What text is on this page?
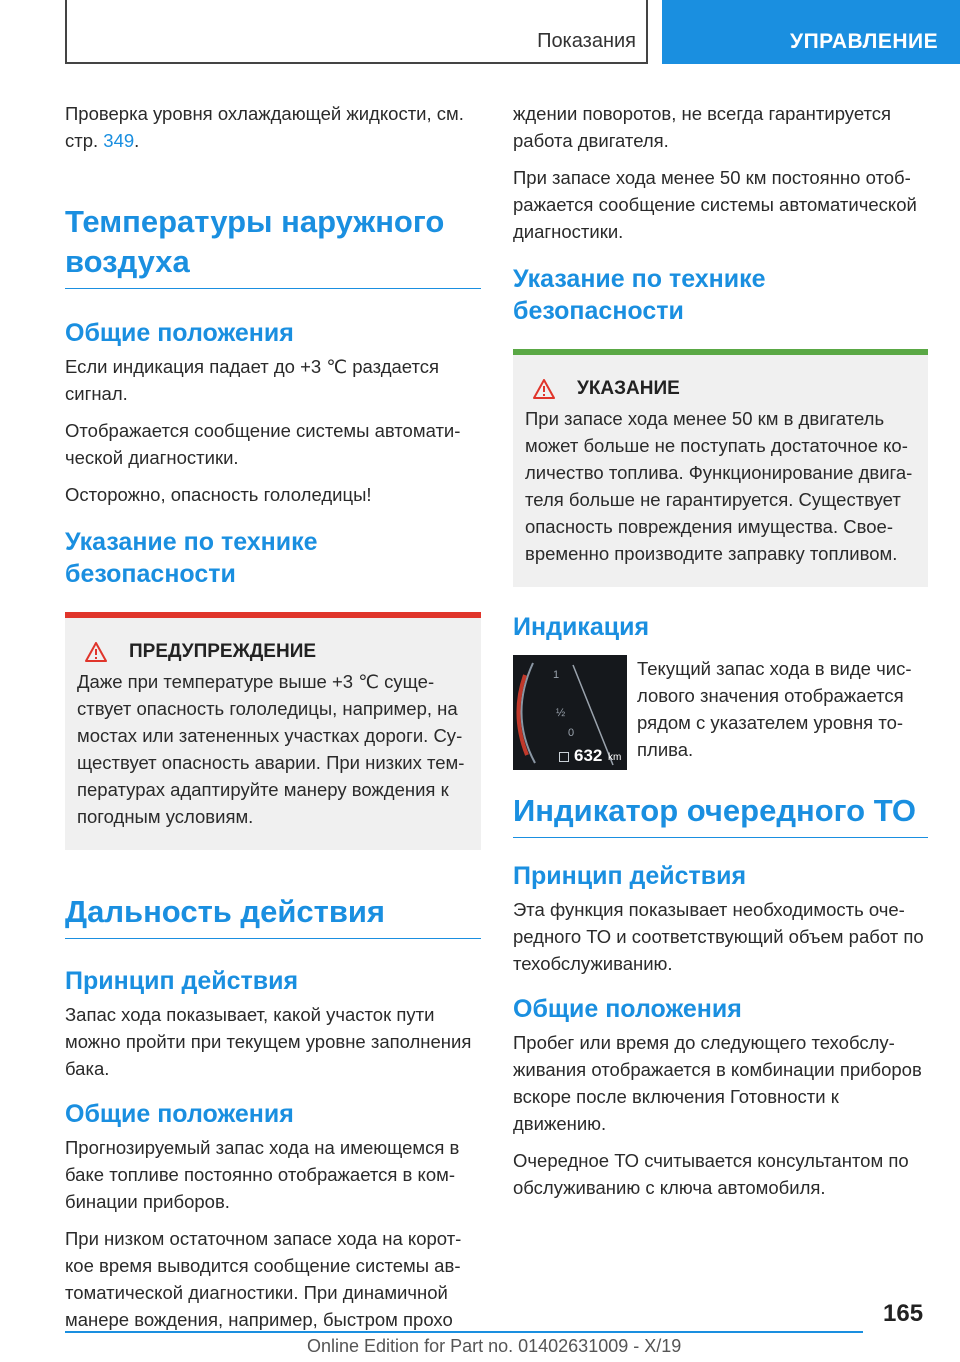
Показания	УПРАВЛЕНИЕ

Проверка уровня охлаждающей жидкости, см. стр. 349.

Температуры наружного воздуха
Общие положения

Если индикация падает до +3 ℃ раздается сигнал.

Отображается сообщение системы автоматической диагностики.

Осторожно, опасность гололедицы!

Указание по технике безопасности
ПРЕДУПРЕЖДЕНИЕ

Даже при температуре выше +3 ℃ существует опасность гололедицы, например, на мостах или затененных участках дороги. Существует опасность аварии. При низких температурах адаптируйте манеру вождения к погодным условиям.

Дальность действия
Принцип действия

Запас хода показывает, какой участок пути можно пройти при текущем уровне заполнения бака.

Общие положения

Прогнозируемый запас хода на имеющемся в баке топливе постоянно отображается в комбинации приборов.

При низком остаточном запасе хода на короткое время выводится сообщение системы автоматической диагностики. При динамичной манере вождения, например, быстром прохо

ждении поворотов, не всегда гарантируется работа двигателя.

При запасе хода менее 50 км постоянно отображается сообщение системы автоматической диагностики.

Указание по технике безопасности
УКАЗАНИЕ

При запасе хода менее 50 км в двигатель может больше не поступать достаточное количество топлива. Функционирование двигателя больше не гарантируется. Существует опасность повреждения имущества. Своевременно производите заправку топливом.

Индикация
1
½
0
632 km

Текущий запас хода в виде числового значения отображается рядом с указателем уровня топлива.

Индикатор очередного ТО
Принцип действия

Эта функция показывает необходимость очередного ТО и соответствующий объем работ по техобслуживанию.

Общие положения

Пробег или время до следующего техобслуживания отображается в комбинации приборов вскоре после включения Готовности к движению.

Очередное ТО считывается консультантом по обслуживанию с ключа автомобиля.

165
Online Edition for Part no. 01402631009 - X/19
